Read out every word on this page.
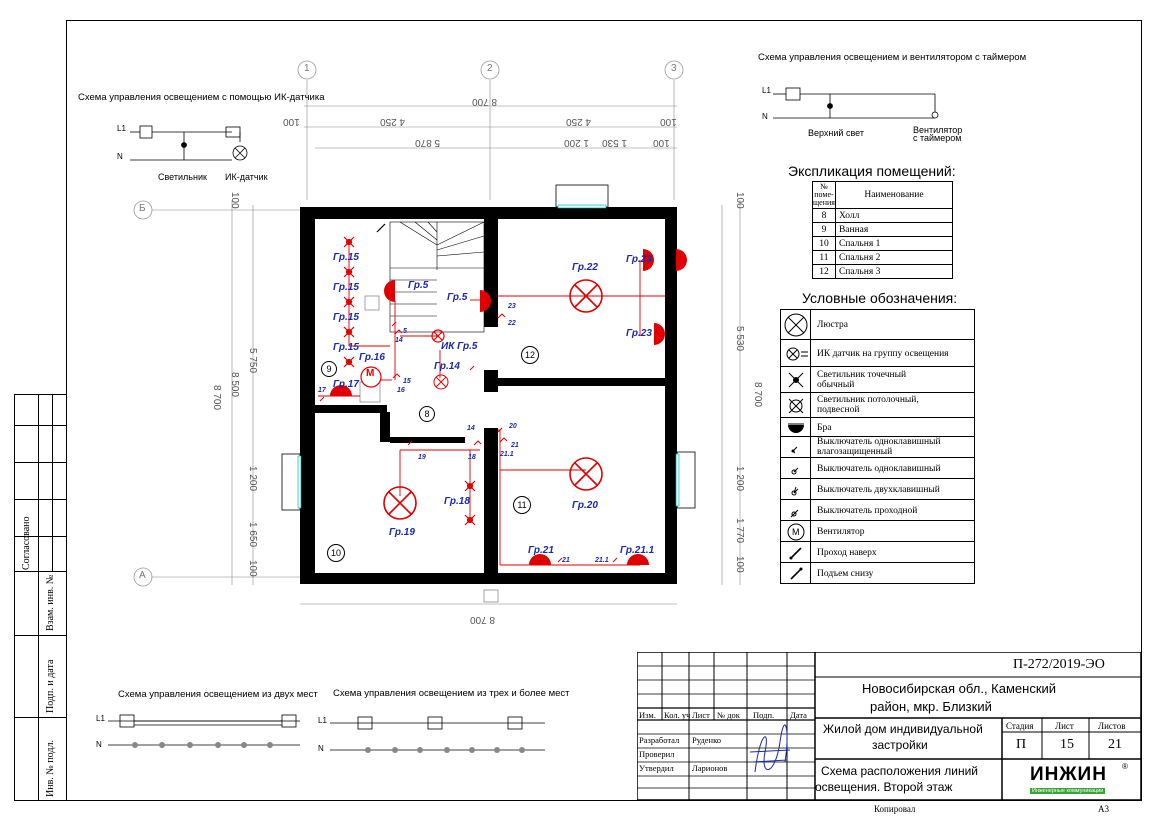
Согласовано
Взам. инв. №
Подп. и дата
Инв. № подл.
Схема управления освещением с помощью ИК-датчика
L1
N
Светильник ИК-датчик
Схема управления освещением и вентилятором с таймером
L1
N
Верхний свет	Вентилятор
с таймером
Схема управления освещением из двух мест
L1
N
Схема управления освещением из трех и более мест
L1
N
1	2	3
Б
А
8 700
100	4 250	4 250	100
5 870	1 200 1 530	100
8 700
5 750
8 500
8 700
1 200
1 650
100
100
5 530
8 700
1 200
1 770
100
100
Гр.15
Гр.15
Гр.15
Гр.15
Гр.16
Гр.17
Гр.5
Гр.5
ИК Гр.5
Гр.14
Гр.22
Гр.23
Гр.23
Гр.19
Гр.18	Гр.20
Гр.21	Гр.21.1
8
9
10
11
12
5
14
14
15
16
17
18
19
20
21
21.1
21.1
21
22
23
M
Экспликация помещений:
№
поме-
щения	Наименование
8	Холл
9	Ванная
10	Спальня 1
11	Спальня 2
12	Спальня 3
Условные обозначения:
Люстра
ИК датчик на группу освещения
Светильник точечный
обычный
Светильник потолочный,
подвесной
Бра
Выключатель одноклавишный
влагозащищенный
Выключатель одноклавишный
Выключатель двухклавишный
Выключатель проходной
M Вентилятор
Проход наверх
Подъем снизу
П-272/2019-ЭО
Новосибирская обл., Каменский
район, мкр. Близкий
Жилой дом индивидуальной
застройки
Схема расположения линий
освещения. Второй этаж
Изм. Кол. уч Лист № док Подп. Дата
Разработал Руденко
Проверил
Утвердил Ларионов
Стадия Лист	Листов
П 15 21
ИНЖИН
Инженерные коммуникации
®
Копировал	А3
